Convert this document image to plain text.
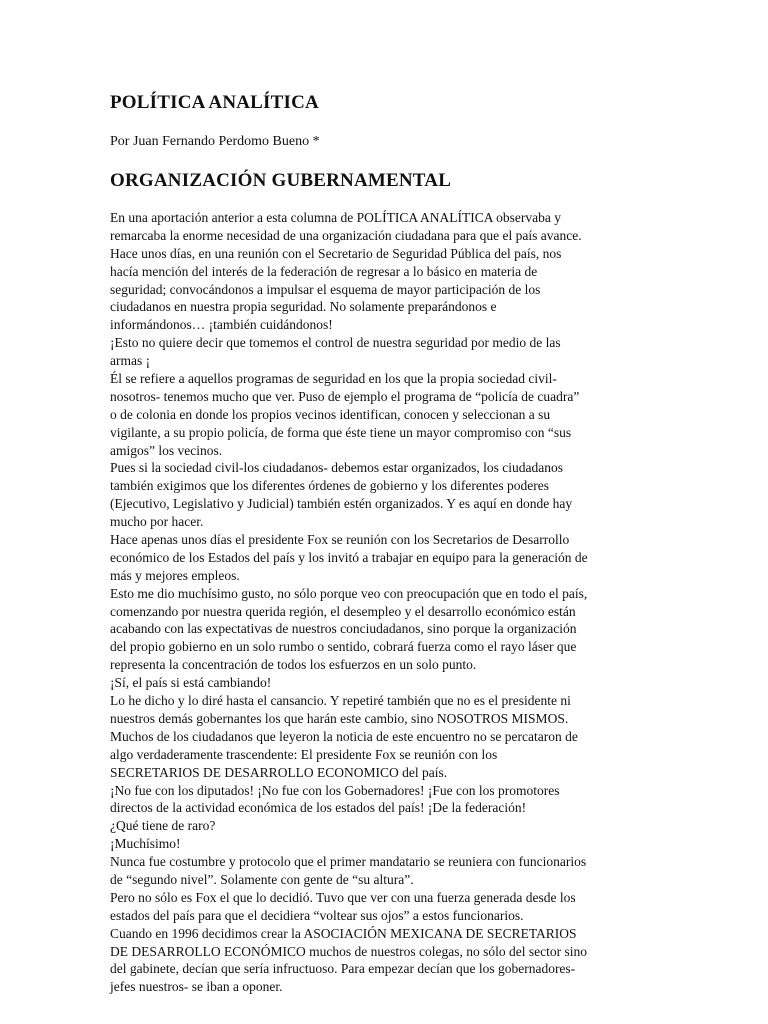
POLÍTICA ANALÍTICA

Por Juan Fernando Perdomo Bueno *

ORGANIZACIÓN GUBERNAMENTAL
En una aportación anterior a esta columna de POLÍTICA ANALÍTICA observaba y
remarcaba la enorme necesidad de una organización ciudadana para que el país avance.
Hace unos días, en una reunión con el Secretario de Seguridad Pública del país, nos
hacía mención del interés de la federación de regresar a lo básico en materia de
seguridad; convocándonos a impulsar el esquema de mayor participación de los
ciudadanos en nuestra propia seguridad. No solamente preparándonos e
informándonos… ¡también cuidándonos!
¡Esto no quiere decir que tomemos el control de nuestra seguridad por medio de las
armas ¡
Él se refiere a aquellos programas de seguridad en los que la propia sociedad civil-
nosotros- tenemos mucho que ver. Puso de ejemplo el programa de “policía de cuadra”
o de colonia en donde los propios vecinos identifican, conocen y seleccionan a su
vigilante, a su propio policía, de forma que éste tiene un mayor compromiso con “sus
amigos” los vecinos.
Pues si la sociedad civil-los ciudadanos- debemos estar organizados, los ciudadanos
también exigimos que los diferentes órdenes de gobierno y los diferentes poderes
(Ejecutivo, Legislativo y Judicial) también estén organizados. Y es aquí en donde hay
mucho por hacer.
Hace apenas unos días el presidente Fox se reunión con los Secretarios de Desarrollo
económico de los Estados del país y los invitó a trabajar en equipo para la generación de
más y mejores empleos.
Esto me dio muchísimo gusto, no sólo porque veo con preocupación que en todo el país,
comenzando por nuestra querida región, el desempleo y el desarrollo económico están
acabando con las expectativas de nuestros conciudadanos, sino porque la organización
del propio gobierno en un solo rumbo o sentido, cobrará fuerza como el rayo láser que
representa la concentración de todos los esfuerzos en un solo punto.
¡Sí, el país si está cambiando!
Lo he dicho y lo diré hasta el cansancio. Y repetiré también que no es el presidente ni
nuestros demás gobernantes los que harán este cambio, sino NOSOTROS MISMOS.
Muchos de los ciudadanos que leyeron la noticia de este encuentro no se percataron de
algo verdaderamente trascendente: El presidente Fox se reunión con los
SECRETARIOS DE DESARROLLO ECONOMICO del país.
¡No fue con los diputados! ¡No fue con los Gobernadores! ¡Fue con los promotores
directos de la actividad económica de los estados del país! ¡De la federación!
¿Qué tiene de raro?
¡Muchísimo!
Nunca fue costumbre y protocolo que el primer mandatario se reuniera con funcionarios
de “segundo nivel”. Solamente con gente de “su altura”.
Pero no sólo es Fox el que lo decidió. Tuvo que ver con una fuerza generada desde los
estados del país para que el decidiera “voltear sus ojos” a estos funcionarios.
Cuando en 1996 decidimos crear la ASOCIACIÓN MEXICANA DE SECRETARIOS
DE DESARROLLO ECONÓMICO muchos de nuestros colegas, no sólo del sector sino
del gabinete, decían que sería infructuoso. Para empezar decían que los gobernadores-
jefes nuestros- se iban a oponer.
